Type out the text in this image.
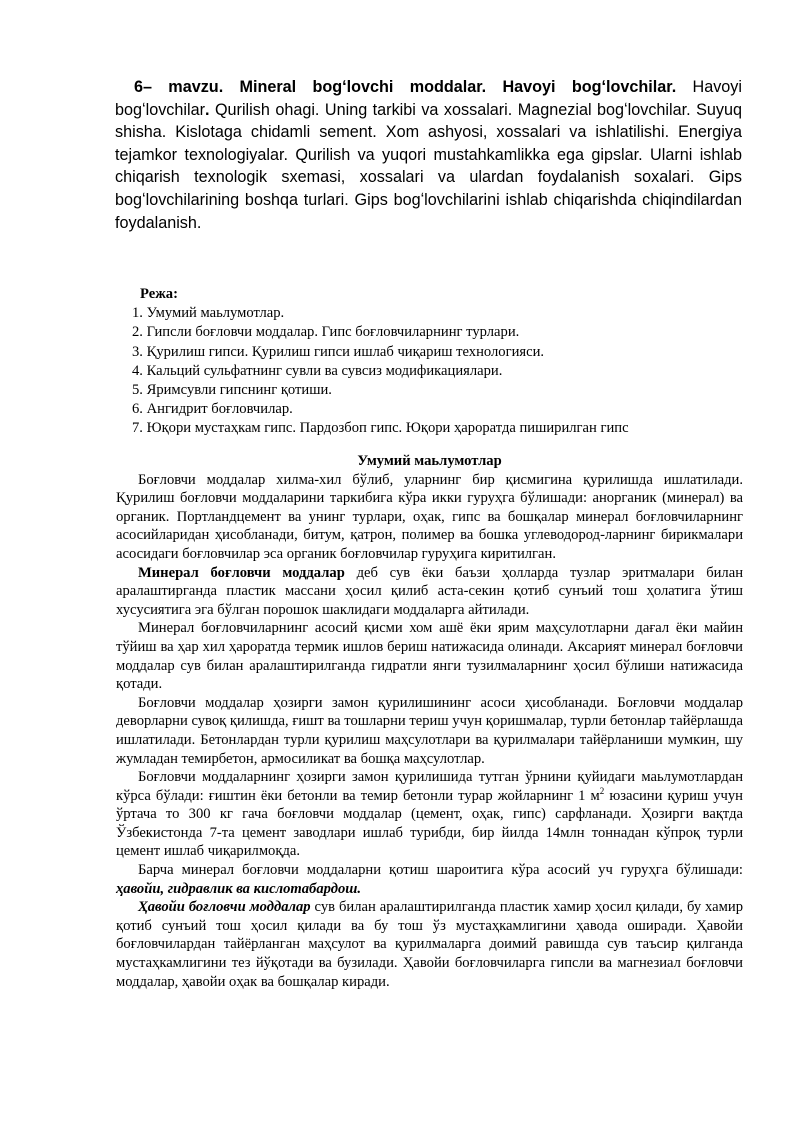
6– mavzu. Mineral bogʻlovchi moddalar. Havoyi bogʻlovchilar. Havoyi bogʻlovchilar. Qurilish ohagi. Uning tarkibi va xossalari. Magnezial bogʻlovchilar. Suyuq shisha. Kislotaga chidamli sement. Xom ashyosi, xossalari va ishlatilishi. Energiya tejamkor texnologiyalar. Qurilish va yuqori mustahkamlikka ega gipslar. Ularni ishlab chiqarish texnologik sxemasi, xossalari va ulardan foydalanish soxalari. Gips bogʻlovchilarining boshqa turlari. Gips bogʻlovchilarini ishlab chiqarishda chiqindilardan foydalanish.

Режа:
1. Умумий маьлумотлар.
2. Гипсли боғловчи моддалар. Гипс боғловчиларнинг турлари.
3. Қурилиш гипси. Қурилиш гипси ишлаб чиқариш технологияси.
4. Кальций сульфатнинг сувли ва сувсиз модификациялари.
5. Яримсувли гипснинг қотиши.
6. Ангидрит боғловчилар.
7. Юқори мустаҳкам гипс. Пардозбоп гипс. Юқори ҳароратда пиширилган гипс

Умумий маьлумотлар

Боғловчи моддалар хилма-хил бўлиб, уларнинг бир қисмигина қурилишда ишлатилади. Қурилиш боғловчи моддаларини таркибига кўра икки гуруҳга бўлишади: анорганик (минерал) ва органик. Портландцемент ва унинг турлари, оҳак, гипс ва бошқалар минерал боғловчиларнинг асосийларидан ҳисобланади, битум, қатрон, полимер ва бошка углеводород-ларнинг бирикмалари асосидаги боғловчилар эса органик боғловчилар гуруҳига киритилган.

Минерал боғловчи моддалар деб сув ёки баъзи ҳолларда тузлар эритмалари билан аралаштирганда пластик массани ҳосил қилиб аста-секин қотиб сунъий тош ҳолатига ўтиш хусусиятига эга бўлган порошок шаклидаги моддаларга айтилади.

Минерал боғловчиларнинг асосий қисми хом ашё ёки ярим маҳсулотларни дағал ёки майин тўйиш ва ҳар хил ҳароратда термик ишлов бериш натижасида олинади. Аксарият минерал боғловчи моддалар сув билан аралаштирилганда гидратли янги тузилмаларнинг ҳосил бўлиши натижасида қотади.

Боғловчи моддалар ҳозирги замон қурилишининг асоси ҳисобланади. Боғловчи моддалар деворларни сувоқ қилишда, ғишт ва тошларни териш учун қоришмалар, турли бетонлар тайёрлашда ишлатилади. Бетонлардан турли қурилиш маҳсулотлари ва қурилмалари тайёрланиши мумкин, шу жумладан темирбетон, армосиликат ва бошқа маҳсулотлар.

Боғловчи моддаларнинг ҳозирги замон қурилишида тутган ўрнини қуйидаги маьлумотлардан кўрса бўлади: ғиштин ёки бетонли ва темир бетонли турар жойларнинг 1 $м^2$ юзасини қуриш учун ўртача то 300 кг гача боғловчи моддалар (цемент, оҳак, гипс) сарфланади. Ҳозирги вақтда Ўзбекистонда 7-та цемент заводлари ишлаб турибди, бир йилда 14млн тоннадан кўпроқ турли цемент ишлаб чиқарилмоқда.

Барча минерал боғловчи моддаларни қотиш шароитига кўра асосий уч гуруҳга бўлишади: ҳавойи, гидравлик ва кислотабардош.

Ҳавойи боғловчи моддалар сув билан аралаштирилганда пластик хамир ҳосил қилади, бу хамир қотиб сунъий тош ҳосил қилади ва бу тош ўз мустаҳкамлигини ҳавода оширади. Ҳавойи боғловчилардан тайёрланган маҳсулот ва қурилмаларга доимий равишда сув таъсир қилганда мустаҳкамлигини тез йўқотади ва бузилади. Ҳавойи боғловчиларга гипсли ва магнезиал боғловчи моддалар, ҳавойи оҳак ва бошқалар киради.
